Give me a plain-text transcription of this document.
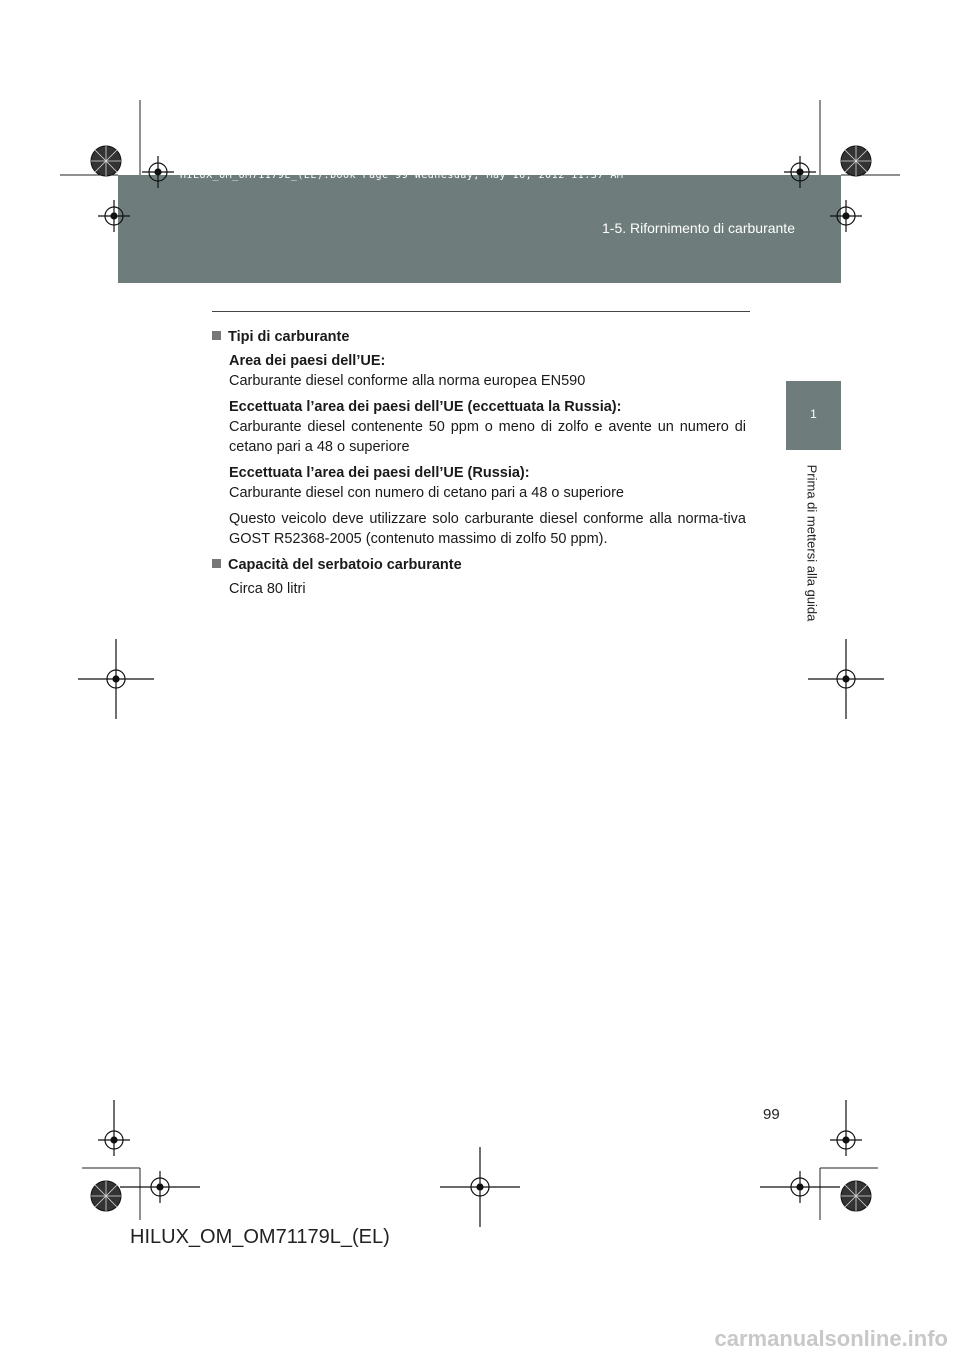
HILUX_OM_OM71179L_(EL).book Page 99 Wednesday, May 16, 2012 11:37 AM
1-5. Rifornimento di carburante
1
Prima di mettersi alla guida
Tipi di carburante

Area dei paesi dell’UE:

Carburante diesel conforme alla norma europea EN590

Eccettuata l’area dei paesi dell’UE (eccettuata la Russia):

Carburante diesel contenente 50 ppm o meno di zolfo e avente un numero di cetano pari a 48 o superiore

Eccettuata l’area dei paesi dell’UE (Russia):

Carburante diesel con numero di cetano pari a 48 o superiore

Questo veicolo deve utilizzare solo carburante diesel conforme alla norma-tiva GOST R52368-2005 (contenuto massimo di zolfo 50 ppm).

Capacità del serbatoio carburante

Circa 80 litri

99
HILUX_OM_OM71179L_(EL)
carmanualsonline.info
